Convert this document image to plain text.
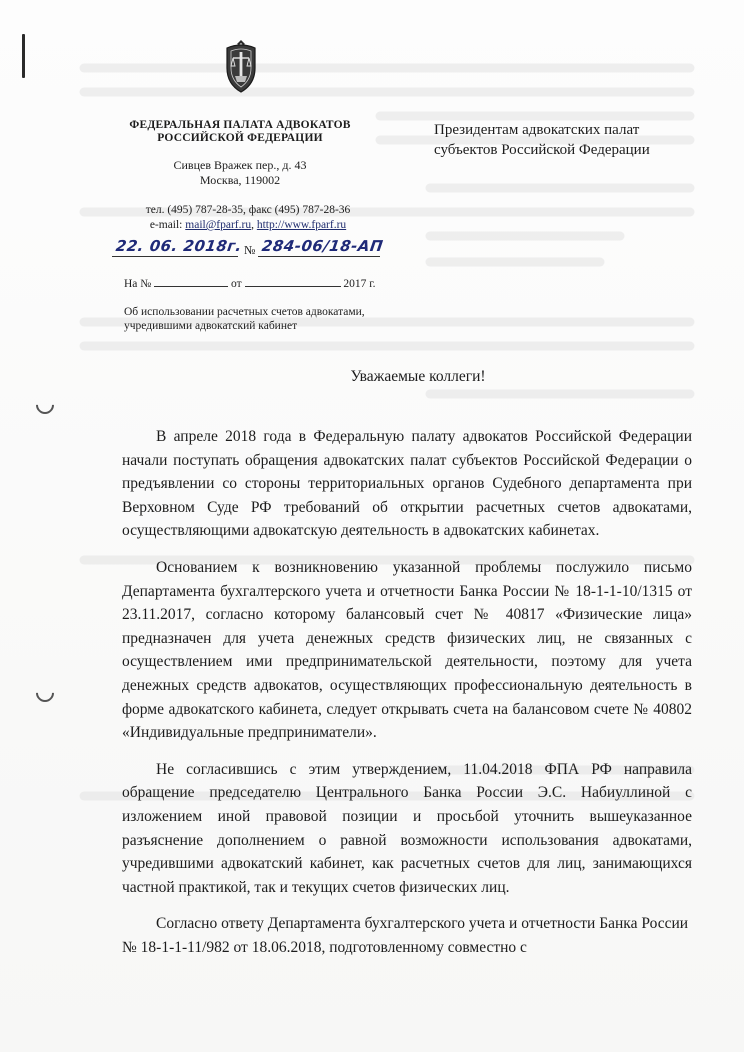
ФЕДЕРАЛЬНАЯ ПАЛАТА АДВОКАТОВ
РОССИЙСКОЙ ФЕДЕРАЦИИ
Сивцев Вражек пер., д. 43
Москва, 119002
тел. (495) 787-28-35, факс (495) 787-28-36
e-mail: mail@fparf.ru, http://www.fparf.ru
22. 06. 2018г. № 284-06/18-АП
На №	от	2017 г.
Об использовании расчетных счетов адвокатами,
учредившими адвокатский кабинет
Президентам адвокатских палат
субъектов Российской Федерации
Уважаемые коллеги!

В апреле 2018 года в Федеральную палату адвокатов Российской Федерации начали поступать обращения адвокатских палат субъектов Российской Федерации о предъявлении со стороны территориальных органов Судебного департамента при Верховном Суде РФ требований об открытии расчетных счетов адвокатами, осуществляющими адвокатскую деятельность в адвокатских кабинетах.

Основанием к возникновению указанной проблемы послужило письмо Департамента бухгалтерского учета и отчетности Банка России № 18-1-1-10/1315 от 23.11.2017, согласно которому балансовый счет № 40817 «Физические лица» предназначен для учета денежных средств физических лиц, не связанных с осуществлением ими предпринимательской деятельности, поэтому для учета денежных средств адвокатов, осуществляющих профессиональную деятельность в форме адвокатского кабинета, следует открывать счета на балансовом счете № 40802 «Индивидуальные предприниматели».

Не согласившись с этим утверждением, 11.04.2018 ФПА РФ направила обращение председателю Центрального Банка России Э.С. Набиуллиной с изложением иной правовой позиции и просьбой уточнить вышеуказанное разъяснение дополнением о равной возможности использования адвокатами, учредившими адвокатский кабинет, как расчетных счетов для лиц, занимающихся частной практикой, так и текущих счетов физических лиц.

Согласно ответу Департамента бухгалтерского учета и отчетности Банка России № 18-1-1-11/982 от 18.06.2018, подготовленному совместно с
